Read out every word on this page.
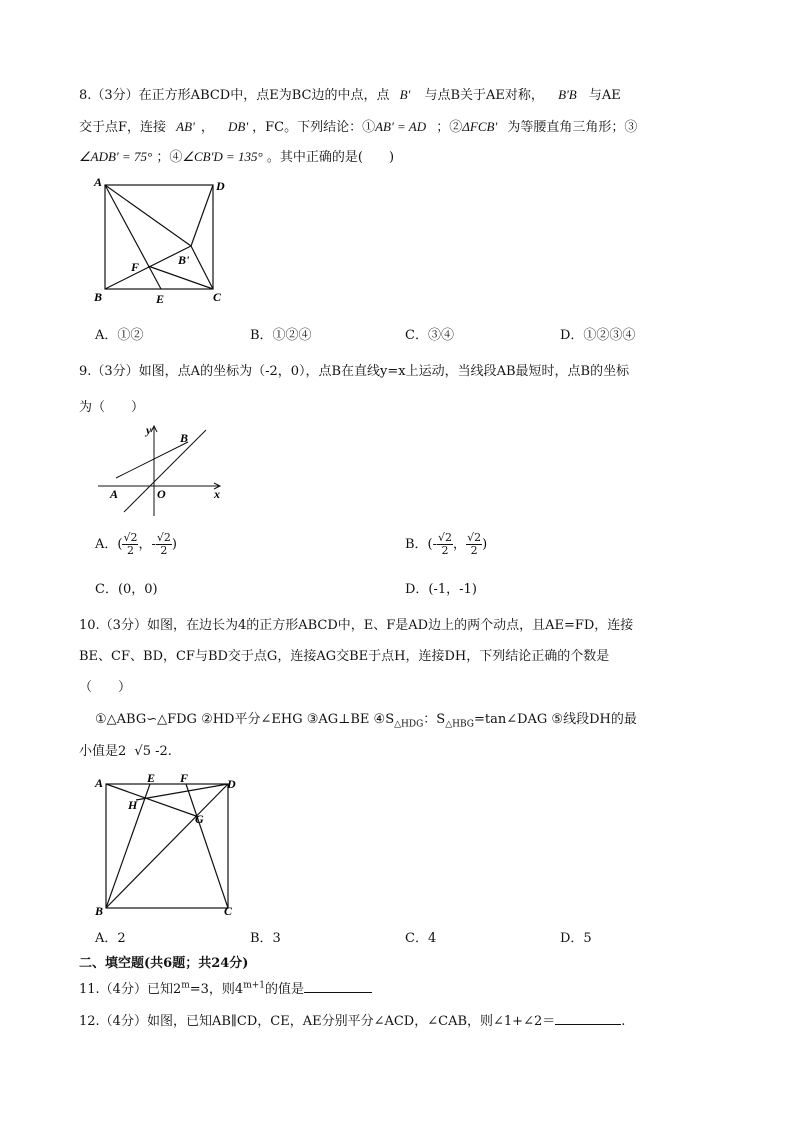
8.（3分）在正方形ABCD中，点E为BC边的中点，点 B' 与点B关于AE对称， B'B 与AE
交于点F，连接 AB' ， DB' ，FC。下列结论：①AB' = AD ；②ΔFCB' 为等腰直角三角形；③
∠ADB' = 75° ；④∠CB'D = 135° 。其中正确的是(　　)
A	D
B	C
E
F	B'
A．①②	B．①②④	C．③④	D．①②③④
9.（3分）如图，点A的坐标为（-2，0），点B在直线y=x上运动，当线段AB最短时，点B的坐标
为（　　）
y
x
A	O
B
A．( $\frac{√2}{2}$ ，- $\frac{√2}{2}$ )	B．(- $\frac{√2}{2}$ ， $\frac{√2}{2}$ )
C．(0，0)	D．(-1，-1)
10.（3分）如图，在边长为4的正方形ABCD中，E、F是AD边上的两个动点，且AE=FD，连接
BE、CF、BD，CF与BD交于点G，连接AG交BE于点H，连接DH，下列结论正确的个数是
（　　）
①△ABG∽△FDG ②HD平分∠EHG ③AG⊥BE $④S_{\triangle HDG}$：$S_{\triangle HBG}=\tan\angle DAG$ ⑤线段DH的最
小值是2 √5 -2.
A	E F	D
H
G
B	C
A．2	B．3	C．4	D．5
二、填空题(共6题；共24分)
11.（4分）已知$2^m=3$，则$4^{m+1}$的值是
12.（4分）如图，已知AB∥CD，CE，AE分别平分∠ACD，∠CAB，则∠1+∠2＝	.
